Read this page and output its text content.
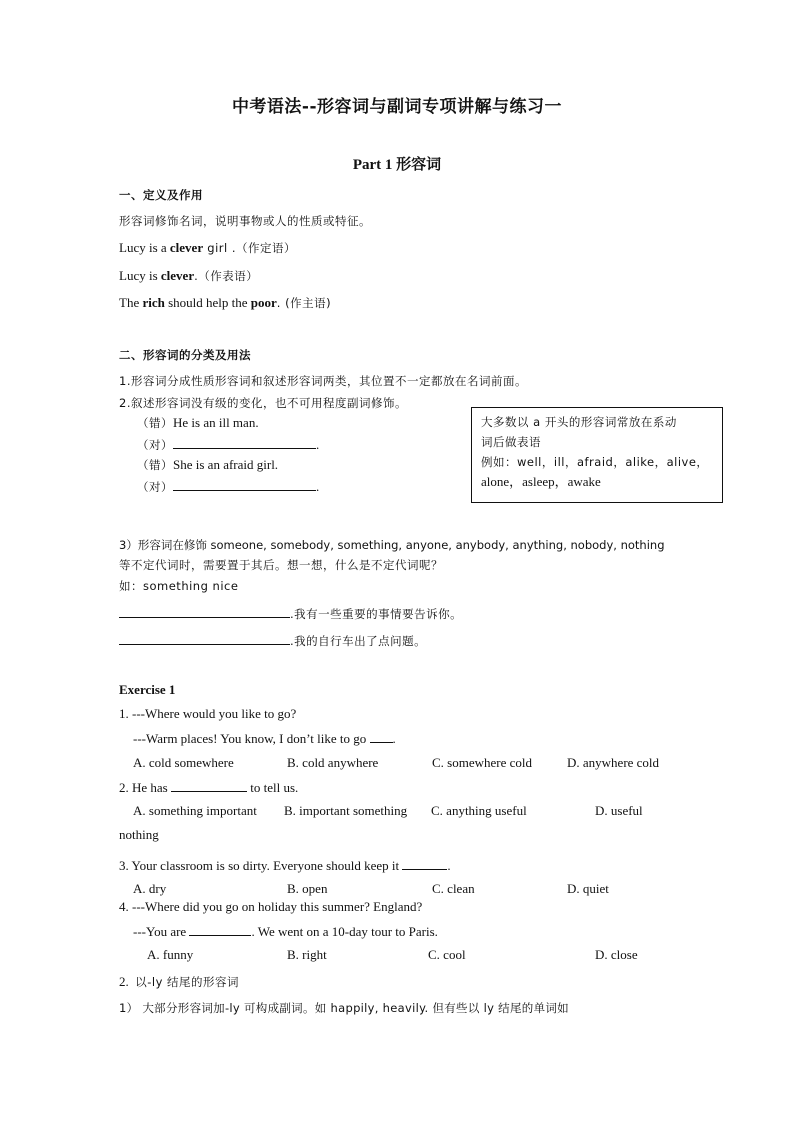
中考语法--形容词与副词专项讲解与练习一
Part 1 形容词
一、定义及作用
形容词修饰名词，说明事物或人的性质或特征。
Lucy is a clever girl .（作定语）
Lucy is clever.（作表语）
The rich should help the poor. (作主语)
二、形容词的分类及用法
1.形容词分成性质形容词和叙述形容词两类，其位置不一定都放在名词前面。
2.叙述形容词没有级的变化，也不可用程度副词修饰。
（错）He is an ill man.
（对）	.
（错）She is an afraid girl.
（对）	.
大多数以 a 开头的形容词常放在系动
词后做表语
例如：well，ill，afraid，alike，alive，
alone，asleep，awake
3）形容词在修饰 someone, somebody, something, anyone, anybody, anything, nobody, nothing
等不定代词时，需要置于其后。想一想，什么是不定代词呢？
如：something nice
.我有一些重要的事情要告诉你。
.我的自行车出了点问题。
Exercise 1
1. ---Where would you like to go?
---Warm places! You know, I don’t like to go .
A. cold somewhere	B. cold anywhere	C. somewhere cold	D. anywhere cold
2. He has	to tell us.
A. something important B. important something C. anything useful	D. useful
nothing
3. Your classroom is so dirty. Everyone should keep it	.
A. dry	B. open	C. clean	D. quiet
4. ---Where did you go on holiday this summer? England?
---You are	. We went on a 10-day tour to Paris.
A. funny	B. right	C. cool	D. close
2. 以-ly 结尾的形容词
1） 大部分形容词加-ly 可构成副词。如 happily, heavily. 但有些以 ly 结尾的单词如
